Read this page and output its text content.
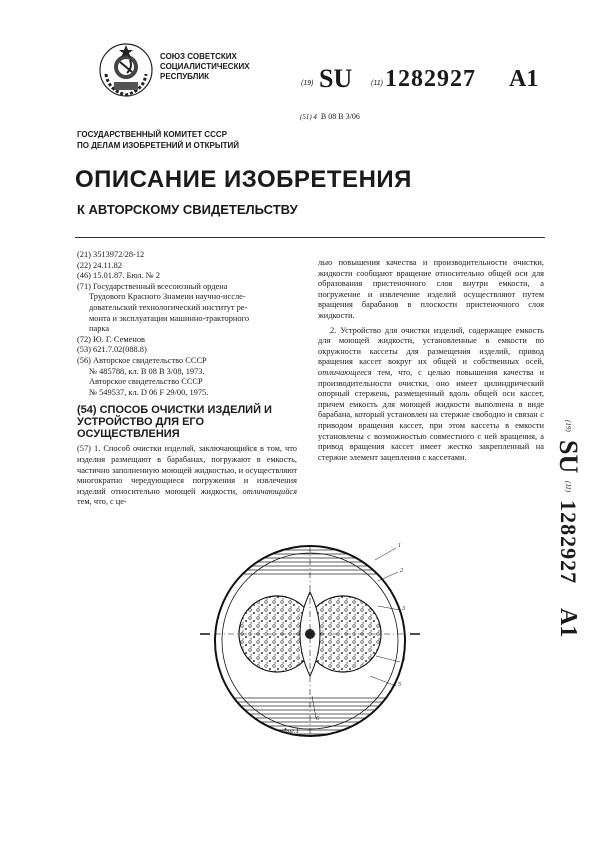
СОЮЗ СОВЕТСКИХ
СОЦИАЛИСТИЧЕСКИХ
РЕСПУБЛИК
(19) SU	(11) 1282927 A1
(51) 4 B 08 B 3/06
ГОСУДАРСТВЕННЫЙ КОМИТЕТ СССР
ПО ДЕЛАМ ИЗОБРЕТЕНИЙ И ОТКРЫТИЙ
ОПИСАНИЕ ИЗОБРЕТЕНИЯ
К АВТОРСКОМУ СВИДЕТЕЛЬСТВУ
(21) 3513972/28-12
(22) 24.11.82
(46) 15.01.87. Бюл. № 2
(71) Государственный всесоюзный ордена
Трудового Красного Знамени научно-иссле-
довательский технологический институт ре-
монта и эксплуатации машинно-тракторного
парка
(72) Ю. Г. Семенов
(53) 621.7.02(088.8)
(56) Авторское свидетельство СССР
№ 485788, кл. В 08 В 3/08, 1973.
Авторское свидетельство СССР
№ 549537, кл. D 06 F 29/00, 1975.
(54) СПОСОБ ОЧИСТКИ ИЗДЕЛИЙ И УСТРОЙСТВО ДЛЯ ЕГО ОСУЩЕСТВЛЕНИЯ
(57) 1. Способ очистки изделий, заключающийся в том, что изделия размещают в барабанах, погружают в емкость, частично заполненную моющей жидкостью, и осуществляют многократно чередующиеся погружения и извлечения изделий относительно моющей жидкости, отличающийся тем, что, с це-

лью повышения качества и производительности очистки, жидкости сообщают вращение относительно общей оси для образования пристеночного слоя внутри емкости, а погружение и извлечение изделий осуществляют путем вращения барабанов в плоскости пристеночного слоя жидкости.

2. Устройство для очистки изделий, содержащее емкость для моющей жидкости, установленные в емкости по окружности кассеты для размещения изделий, привод вращения кассет вокруг их общей и собственных осей, отличающееся тем, что, с целью повышения качества и производительности очистки, оно имеет цилиндрический опорный стержень, размещенный вдоль общей оси кассет, причем емкость для моющей жидкости выполнена в виде барабана, который установлен на стержне свободно и связан с приводом вращения кассет, при этом кассеты в емкости установлены с возможностью совместного с ней вращения, а привод вращения кассет имеет жестко закрепленный на стержне элемент зацепления с кассетами.

(19) SU (11) 1282927 A1
1
2
3
4
5
6
Фиг.1
